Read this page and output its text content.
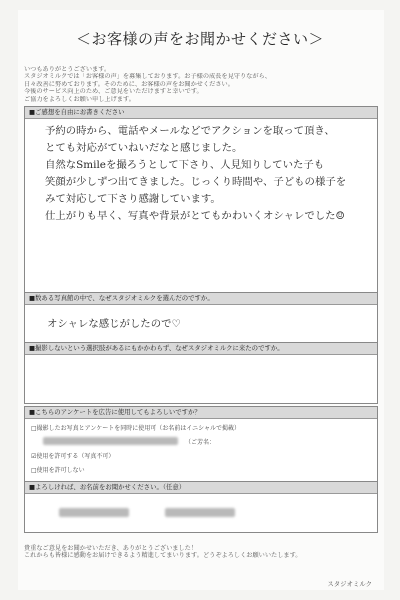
＜お客様の声をお聞かせください＞
いつもありがとうございます。
スタジオミルクでは「お客様の声」を募集しております。お子様の成長を見守りながら、
日々改善に努めております。そのために、お客様の声をお聞かせください。
今後のサービス向上のため、ご意見をいただけますと幸いです。
ご協力をよろしくお願い申し上げます。
■ご感想を自由にお書きください
予約の時から、電話やメールなどでアクションを取って頂き、
とても対応がていねいだなと感じました。
自然なSmileを撮ろうとして下さり、人見知りしていた子も
笑顔が少しずつ出てきました。じっくり時間や、子どもの様子を
みて対応して下さり感謝しています。
仕上がりも早く、写真や背景がとてもかわいくオシャレでした☺
■数ある写真館の中で、なぜスタジオミルクを選んだのですか。
オシャレな感じがしたので♡
■撮影しないという選択肢があるにもかかわらず、なぜスタジオミルクに来たのですか。
■こちらのアンケートを広告に使用してもよろしいですか？
□撮影したお写真とアンケートを同時に使用可（お名前はイニシャルで掲載）
（ご芳名：
☑使用を許可する（写真不可）
□使用を許可しない
■よろしければ、お名前をお聞かせください。（任意）
貴重なご意見をお聞かせいただき、ありがとうございました！
これからも皆様に感動をお届けできるよう精進してまいります。どうぞよろしくお願いいたします。
スタジオミルク
